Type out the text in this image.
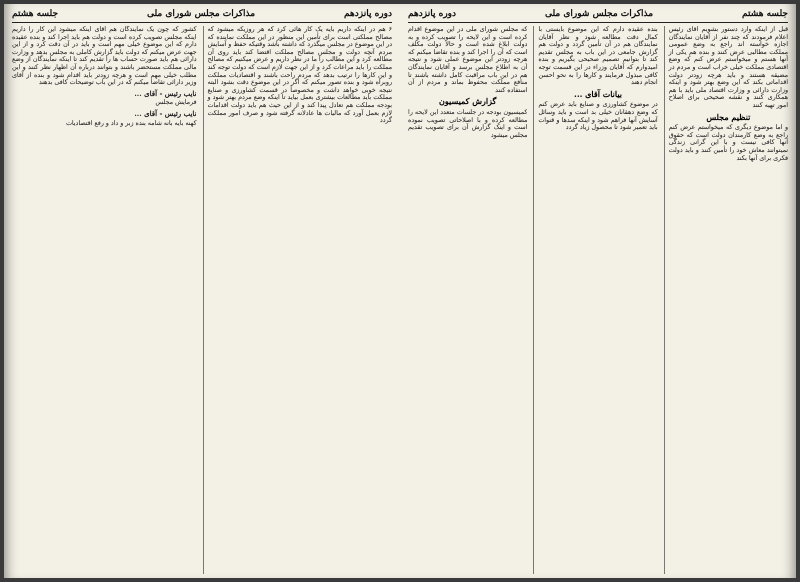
دوره پانزدهم
مذاکرات مجلس شورای ملی
جلسه هشتم

۶ هم در اینکه داریم بایه یک کار هائی کرد که هر روزیکه میشود که مصالح مملکتی است برای تأمین این منظور در این مملکت نماینده که در این موضوع در مجلس میگذرد که داشته باشد وقتیکه حفظ و آسایش مردم آنچه دولت و مجلس مصالح مملکت اقتضا کند باید روی آن مطالعه کرد و این مطالب را ما در نظر داریم و عرض میکنیم که مصالح مملکت را باید مراعات کرد و از این جهت لازم است که دولت توجه کند و این کارها را ترتیب بدهد که مردم راحت باشند و اقتصادیات مملکت روبراه شود و بنده تصور میکنم که اگر در این موضوع دقت بشود البته نتیجه خوبی خواهد داشت و مخصوصاً در قسمت کشاورزی و صنایع مملکت باید مطالعات بیشتری بعمل بیاید تا اینکه وضع مردم بهتر شود و بودجه مملکت هم تعادل پیدا کند و از این حیث هم باید دولت اقدامات لازم بعمل آورد که مالیات ها عادلانه گرفته شود و صرف امور مملکت گردد

کشور که چون یک نمایندگان هم آقای اینکه میشود این کار را داریم اینکه مجلس تصویب کرده است و دولت هم باید اجرا کند و بنده عقیده دارم که این موضوع خیلی مهم است و باید در آن دقت کرد و از این جهت عرض میکنم که دولت باید گزارش کاملی به مجلس بدهد و وزارت دارائی هم باید صورت حساب ها را تقدیم کند تا اینکه نمایندگان از وضع مالی مملکت مستحضر باشند و بتوانند درباره آن اظهار نظر کنند و این مطلب خیلی مهم است و هرچه زودتر باید اقدام شود و بنده از آقای وزیر دارائی تقاضا میکنم که در این باب توضیحات کافی بدهند

نایب رئیس - آقای ...

فرمایش مجلس

نایب رئیس - آقای ...

کهنه بایه بانه شامه بنده زبر و داد و رفع اقتصادیات

جلسه هشتم
مذاکرات مجلس شورای ملی
دوره پانزدهم

قبل از اینکه وارد دستور بشویم آقای رئیس اعلام فرمودند که چند نفر از آقایان نمایندگان اجازه خواسته اند راجع به وضع عمومی مملکت مطالبی عرض کنند و بنده هم یکی از آنها هستم و میخواستم عرض کنم که وضع اقتصادی مملکت خیلی خراب است و مردم در مضیقه هستند و باید هرچه زودتر دولت اقداماتی بکند که این وضع بهتر شود و اینکه وزارت دارائی و وزارت اقتصاد ملی باید با هم همکاری کنند و نقشه صحیحی برای اصلاح امور تهیه کنند

تنظیم مجلس

و اما موضوع دیگری که میخواستم عرض کنم راجع به وضع کارمندان دولت است که حقوق آنها کافی نیست و با این گرانی زندگی نمیتوانند معاش خود را تأمین کنند و باید دولت فکری برای آنها بکند

بنده عقیده دارم که این موضوع بایستی با کمال دقت مطالعه شود و نظر آقایان نمایندگان هم در آن تأمین گردد و دولت هم گزارش جامعی در این باب به مجلس تقدیم کند تا بتوانیم تصمیم صحیحی بگیریم و بنده امیدوارم که آقایان وزراء در این قسمت توجه کافی مبذول فرمایند و کارها را به نحو احسن انجام دهند

بیانات آقای ...

در موضوع کشاورزی و صنایع باید عرض کنم که وضع دهقانان خیلی بد است و باید وسائل آسایش آنها فراهم شود و اینکه سدها و قنوات باید تعمیر شود تا محصول زیاد گردد

که مجلس شورای ملی در این موضوع اقدام کرده است و این لایحه را تصویب کرده و به دولت ابلاغ شده است و حالا دولت مکلف است که آن را اجرا کند و بنده تقاضا میکنم که هرچه زودتر این موضوع عملی شود و نتیجه آن به اطلاع مجلس برسد و آقایان نمایندگان هم در این باب مراقبت کامل داشته باشند تا منافع مملکت محفوظ بماند و مردم از آن استفاده کنند

گزارش کمیسیون

کمیسیون بودجه در جلسات متعدد این لایحه را مطالعه کرده و با اصلاحاتی تصویب نموده است و اینک گزارش آن برای تصویب تقدیم مجلس میشود
